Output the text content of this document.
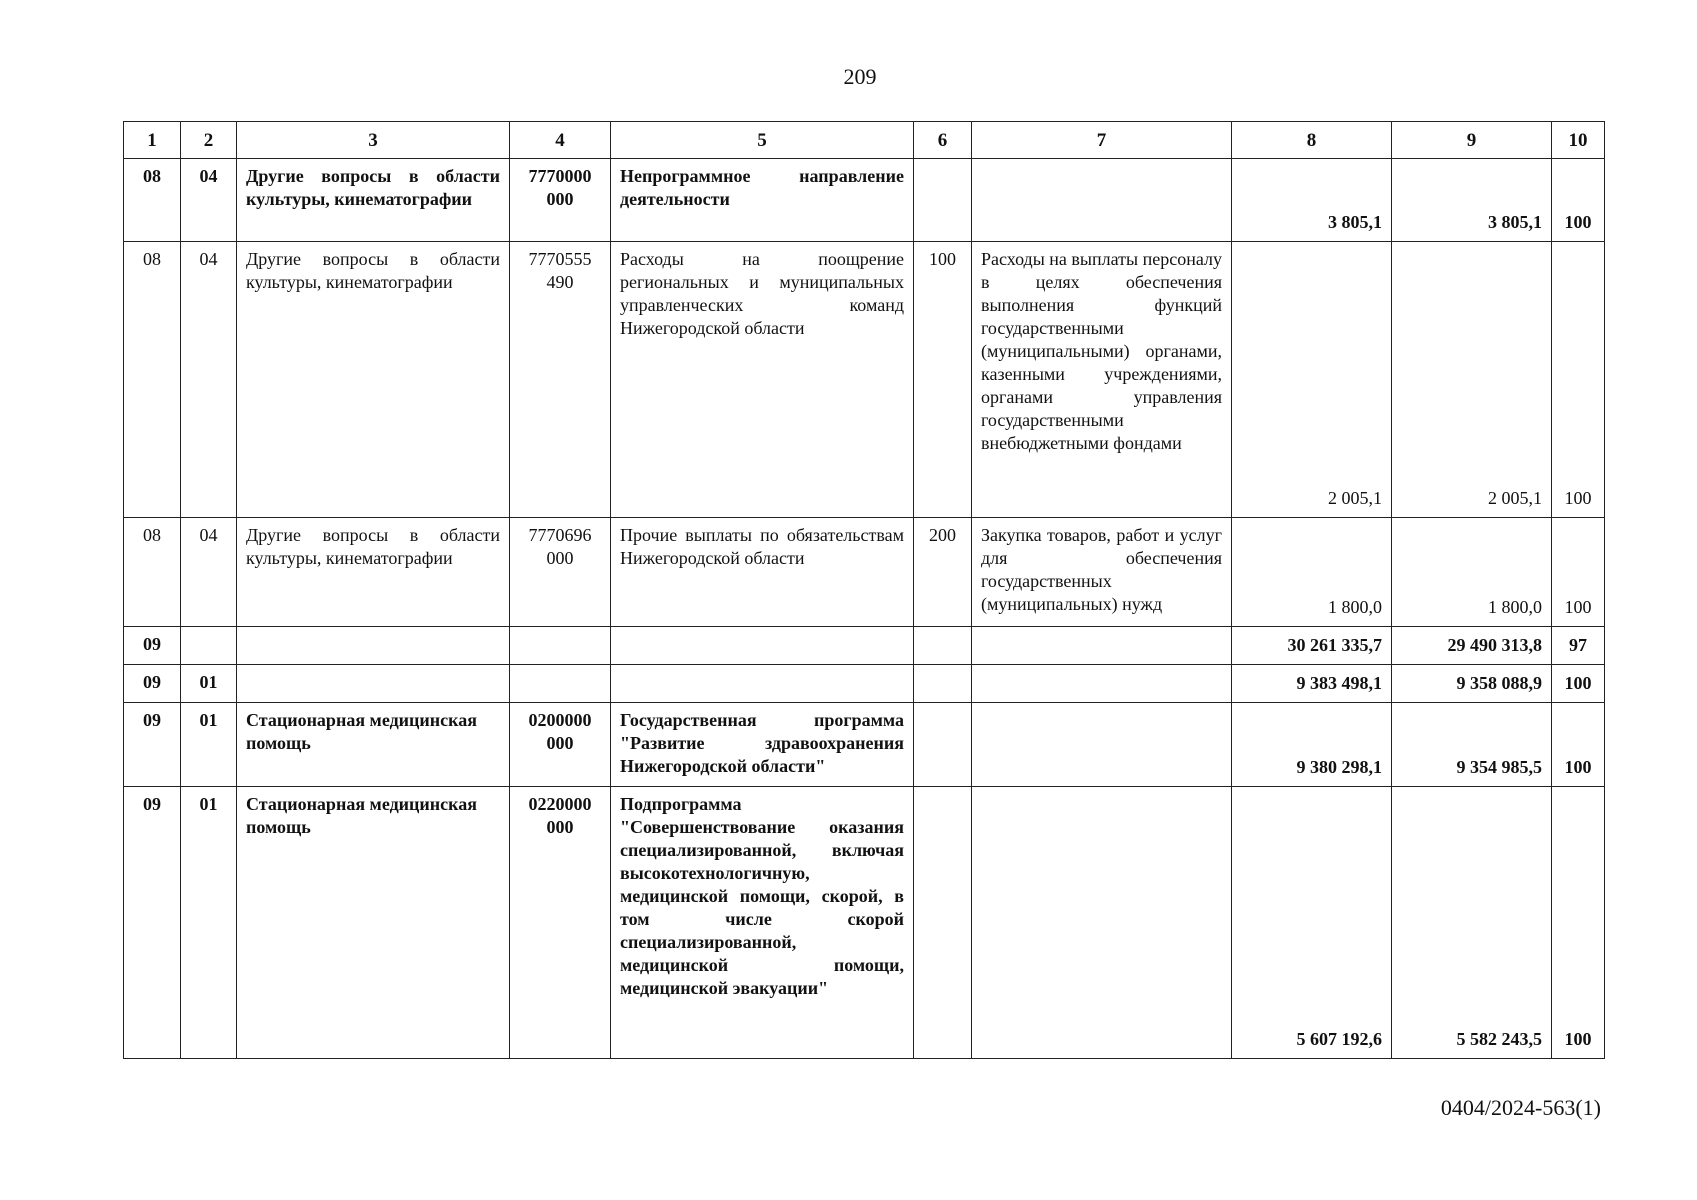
209
1	2	3	4	5	6	7	8	9	10
08	04	Другие вопросы в области культуры, кинематографии	7770000 000	Непрограммное направление деятельности			3 805,1	3 805,1	100
08	04	Другие вопросы в области культуры, кинематографии	7770555 490	Расходы на поощрение региональных и муниципальных управленческих команд Нижегородской области	100	Расходы на выплаты персоналу в целях обеспечения выполнения функций государственными (муниципальными) органами, казенными учреждениями, органами управления государственными внебюджетными фондами	2 005,1	2 005,1	100
08	04	Другие вопросы в области культуры, кинематографии	7770696 000	Прочие выплаты по обязательствам Нижегородской области	200	Закупка товаров, работ и услуг для обеспечения государственных (муниципальных) нужд	1 800,0	1 800,0	100
09							30 261 335,7	29 490 313,8	97
09	01						9 383 498,1	9 358 088,9	100
09	01	Стационарная медицинская помощь	0200000 000	Государственная программа "Развитие здравоохранения Нижегородской области"			9 380 298,1	9 354 985,5	100
09	01	Стационарная медицинская помощь	0220000 000	Подпрограмма "Совершенствование оказания специализированной, включая высокотехнологичную, медицинской помощи, скорой, в том числе скорой специализированной, медицинской помощи, медицинской эвакуации"			5 607 192,6	5 582 243,5	100
0404/2024-563(1)
